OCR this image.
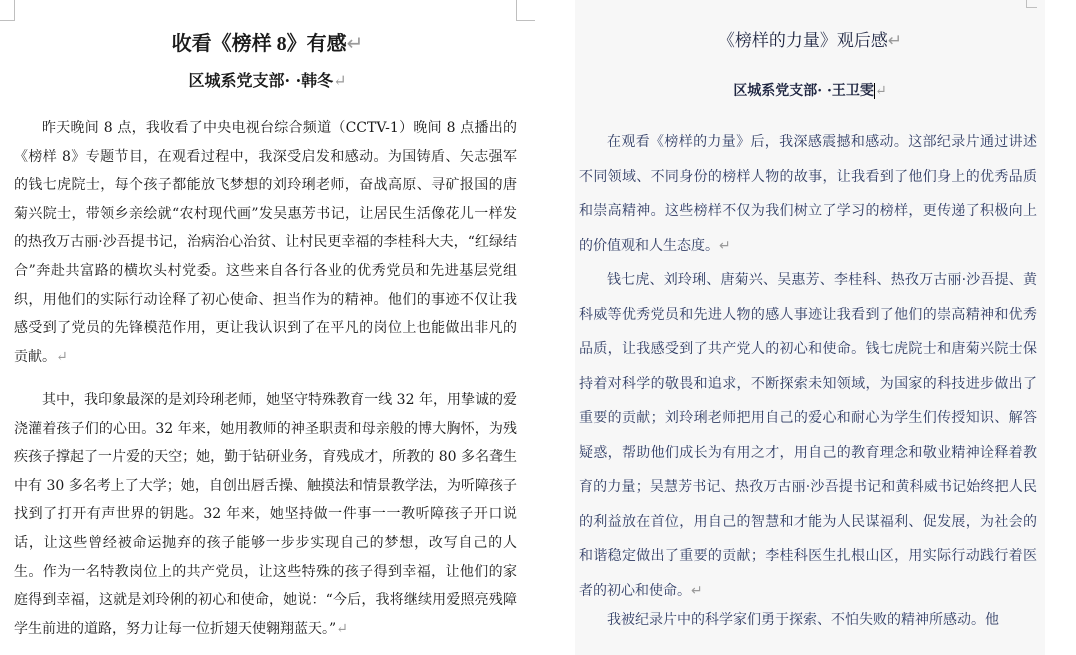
收看《榜样 8》有感↵
区城系党支部· ·韩冬↵

昨天晚间 8 点，我收看了中央电视台综合频道（CCTV-1）晚间 8 点播出的《榜样 8》专题节目，在观看过程中，我深受启发和感动。为国铸盾、矢志强军的钱七虎院士，每个孩子都能放飞梦想的刘玲琍老师，奋战高原、寻矿报国的唐菊兴院士，带领乡亲绘就“农村现代画”发吴惠芳书记，让居民生活像花儿一样发的热孜万古丽·沙吾提书记，治病治心治贫、让村民更幸福的李桂科大夫，“红绿结合”奔赴共富路的横坎头村党委。这些来自各行各业的优秀党员和先进基层党组织，用他们的实际行动诠释了初心使命、担当作为的精神。他们的事迹不仅让我感受到了党员的先锋模范作用，更让我认识到了在平凡的岗位上也能做出非凡的贡献。↵

其中，我印象最深的是刘玲琍老师，她坚守特殊教育一线 32 年，用挚诚的爱浇灌着孩子们的心田。32 年来，她用教师的神圣职责和母亲般的博大胸怀，为残疾孩子撑起了一片爱的天空；她，勤于钻研业务，育残成才，所教的 80 多名聋生中有 30 多名考上了大学；她，自创出唇舌操、触摸法和情景教学法，为听障孩子找到了打开有声世界的钥匙。32 年来，她坚持做一件事一一教听障孩子开口说话，让这些曾经被命运抛弃的孩子能够一步步实现自己的梦想，改写自己的人生。作为一名特教岗位上的共产党员，让这些特殊的孩子得到幸福，让他们的家庭得到幸福，这就是刘玲俐的初心和使命，她说：“今后，我将继续用爱照亮残障学生前进的道路，努力让每一位折翅天使翱翔蓝天。”↵

《榜样的力量》观后感↵
区城系党支部· ·王卫雯↵

在观看《榜样的力量》后，我深感震撼和感动。这部纪录片通过讲述不同领域、不同身份的榜样人物的故事，让我看到了他们身上的优秀品质和崇高精神。这些榜样不仅为我们树立了学习的榜样，更传递了积极向上的价值观和人生态度。↵

钱七虎、刘玲琍、唐菊兴、吴惠芳、李桂科、热孜万古丽·沙吾提、黄科威等优秀党员和先进人物的感人事迹让我看到了他们的崇高精神和优秀品质，让我感受到了共产党人的初心和使命。钱七虎院士和唐菊兴院士保持着对科学的敬畏和追求，不断探索未知领域，为国家的科技进步做出了重要的贡献；刘玲琍老师把用自己的爱心和耐心为学生们传授知识、解答疑惑，帮助他们成长为有用之才，用自己的教育理念和敬业精神诠释着教育的力量；吴慧芳书记、热孜万古丽·沙吾提书记和黄科威书记始终把人民的利益放在首位，用自己的智慧和才能为人民谋福利、促发展，为社会的和谐稳定做出了重要的贡献；李桂科医生扎根山区，用实际行动践行着医者的初心和使命。↵

我被纪录片中的科学家们勇于探索、不怕失败的精神所感动。他
